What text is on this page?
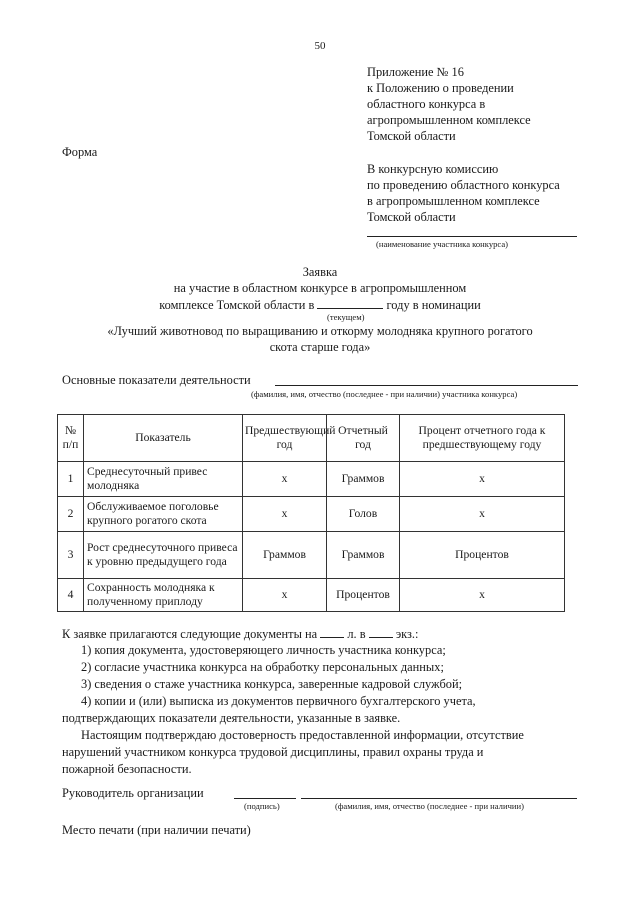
50
Приложение № 16
к Положению о проведении
областного конкурса в
агропромышленном комплексе
Томской области
Форма
В конкурсную комиссию
по проведению областного конкурса
в агропромышленном комплексе
Томской области
(наименование участника конкурса)
Заявка
на участие в областном конкурсе в агропромышленном
комплексе Томской области в	году в номинации
(текущем)
«Лучший животновод по выращиванию и откорму молодняка крупного рогатого
скота старше года»
Основные показатели деятельности
(фамилия, имя, отчество (последнее - при наличии) участника конкурса)
№ п/п	Показатель	Предшествующий год	Отчетный год	Процент отчетного года к предшествующему году
1	Среднесуточный привес молодняка	х	Граммов	х
2	Обслуживаемое поголовье крупного рогатого скота	х	Голов	х
3	Рост среднесуточного привеса к уровню предыдущего года	Граммов	Граммов	Процентов
4	Сохранность молодняка к полученному приплоду	х	Процентов	х
К заявке прилагаются следующие документы на л. в экз.:
1) копия документа, удостоверяющего личность участника конкурса;
2) согласие участника конкурса на обработку персональных данных;
3) сведения о стаже участника конкурса, заверенные кадровой службой;
4) копии и (или) выписка из документов первичного бухгалтерского учета,
подтверждающих показатели деятельности, указанные в заявке.
Настоящим подтверждаю достоверность предоставленной информации, отсутствие
нарушений участником конкурса трудовой дисциплины, правил охраны труда и
пожарной безопасности.
Руководитель организации
(подпись)	(фамилия, имя, отчество (последнее - при наличии)
Место печати (при наличии печати)
